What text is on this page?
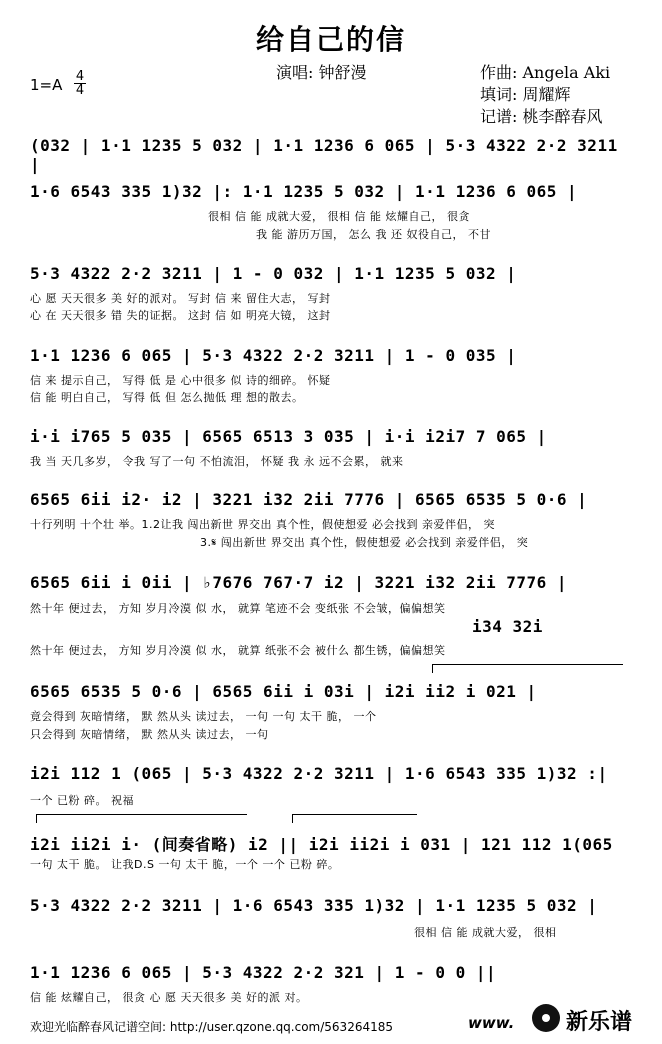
给自己的信
演唱: 钟舒漫	作曲: Angela Aki
填词: 周耀辉
记谱: 桃李醉春风
$1=A \frac{4}{4}$
(032 | 1·1 1235 5 032 | 1·1 1236 6 065 | 5·3 4322 2·2 3211 |
1·6 6543 335 1)32 |: 1·1 1235 5 032 | 1·1 1236 6 065 |
很相 信 能 成就大爱， 很相 信 能 炫耀自己， 很贪
我 能 游历万国， 怎么 我 还 奴役自己， 不甘
5·3 4322 2·2 3211 | 1 - 0 032 | 1·1 1235 5 032 |
心 愿 天天很多 美 好的派对。 写封 信 来 留住大志， 写封
心 在 天天很多 错 失的证据。 这封 信 如 明亮大镜， 这封
1·1 1236 6 065 | 5·3 4322 2·2 3211 | 1 - 0 035 |
信 来 提示自己， 写得 低 是 心中很多 似 诗的细碎。 怀疑
信 能 明白自己， 写得 低 但 怎么抛低 理 想的散去。
i·i i765 5 035 | 6565 6513 3 035 | i·i i2i7 7 065 |
我 当 天几多岁， 令我 写了一句 不怕流泪， 怀疑 我 永 远不会累， 就来
6565 6ii i2· i2 | 3221 i32 2ii 7776 | 6565 6535 5 0·6 |
十行列明 十个壮 举。1.2让我 闯出新世 界交出 真个性，假使想爱 必会找到 亲爱伴侣， 突
3.𝄋 闯出新世 界交出 真个性，假使想爱 必会找到 亲爱伴侣， 突
6565 6ii i 0ii | ♭7676 767·7 i2 | 3221 i32 2ii 7776 |
然十年 便过去， 方知 岁月冷漠 似 水， 就算 笔迹不会 变纸张 不会皱，偏偏想笑
i34 32i
然十年 便过去， 方知 岁月冷漠 似 水， 就算 纸张不会 被什么 都生锈，偏偏想笑
6565 6535 5 0·6 | 6565 6ii i 03i | i2i ii2 i 021 |
竟会得到 灰暗情绪， 默 然从头 读过去， 一句 一句 太干 脆， 一个
只会得到 灰暗情绪， 默 然从头 读过去， 一句
i2i 112 1 (065 | 5·3 4322 2·2 3211 | 1·6 6543 335 1)32 :|
一个 已粉 碎。 祝福
i2i ii2i i· (间奏省略) i2 || i2i ii2i i 031 | 121 112 1(065
一句 太干 脆。 让我D.S 一句 太干 脆，一个 一个 已粉 碎。
5·3 4322 2·2 3211 | 1·6 6543 335 1)32 | 1·1 1235 5 032 |
很相 信 能 成就大爱， 很相
1·1 1236 6 065 | 5·3 4322 2·2 321 | 1 - 0 0 ||
信 能 炫耀自己， 很贪 心 愿 天天很多 美 好的派 对。
欢迎光临醉春风记谱空间: http://user.qzone.qq.com/563264185	www. 新乐谱
